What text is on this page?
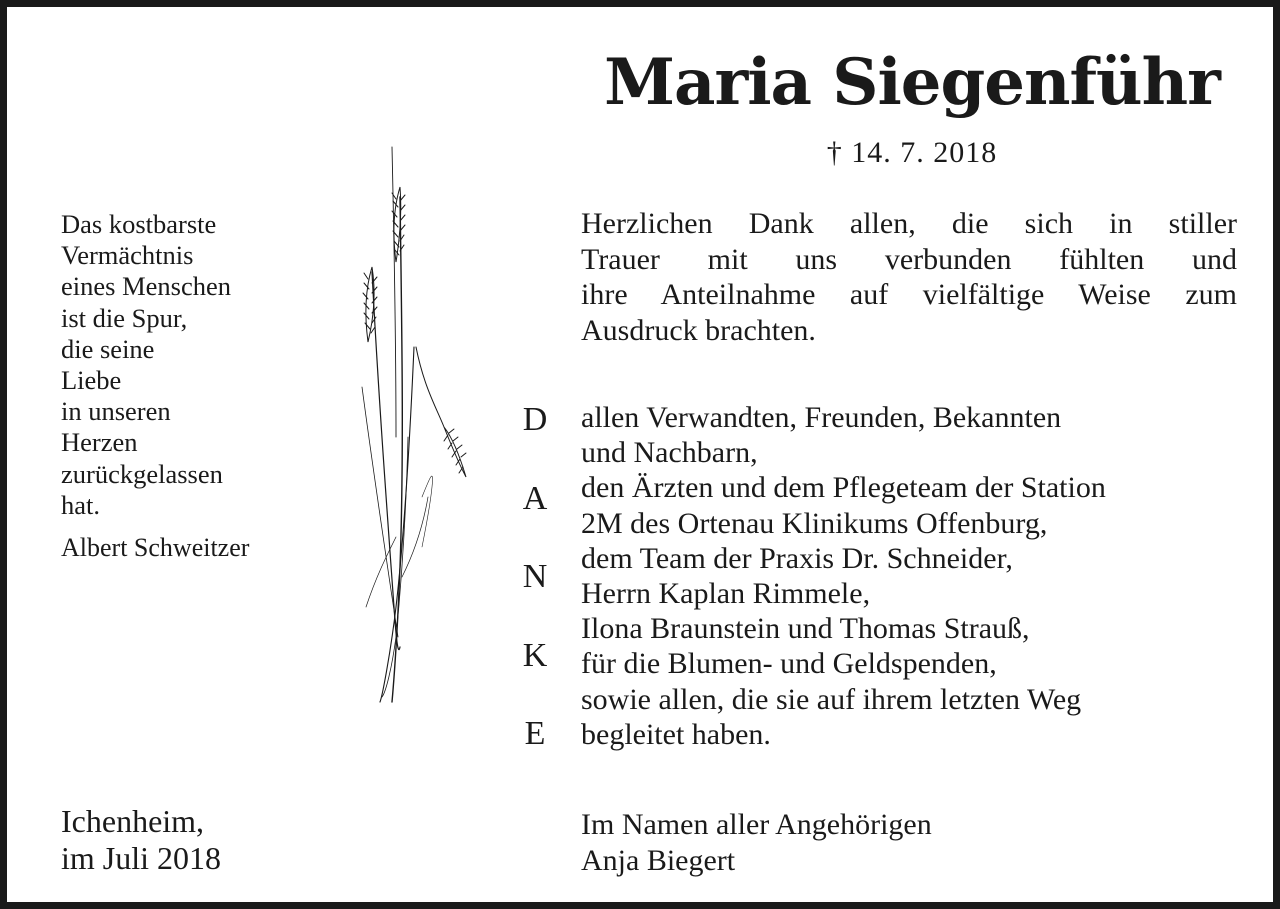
Maria Siegenführ
† 14. 7. 2018
Das kostbarste
Vermächtnis
eines Menschen
ist die Spur,
die seine
Liebe
in unseren
Herzen
zurückgelassen
hat.
Albert Schweitzer
Ichenheim,
im Juli 2018
Herzlichen Dank allen, die sich in stiller
Trauer mit uns verbunden fühlten und
ihre Anteilnahme auf vielfältige Weise zum
Ausdruck brachten.
D
A
N
K
E
allen Verwandten, Freunden, Bekannten
und Nachbarn,
den Ärzten und dem Pflegeteam der Station
2M des Ortenau Klinikums Offenburg,
dem Team der Praxis Dr. Schneider,
Herrn Kaplan Rimmele,
Ilona Braunstein und Thomas Strauß,
für die Blumen- und Geldspenden,
sowie allen, die sie auf ihrem letzten Weg
begleitet haben.
Im Namen aller Angehörigen
Anja Biegert
